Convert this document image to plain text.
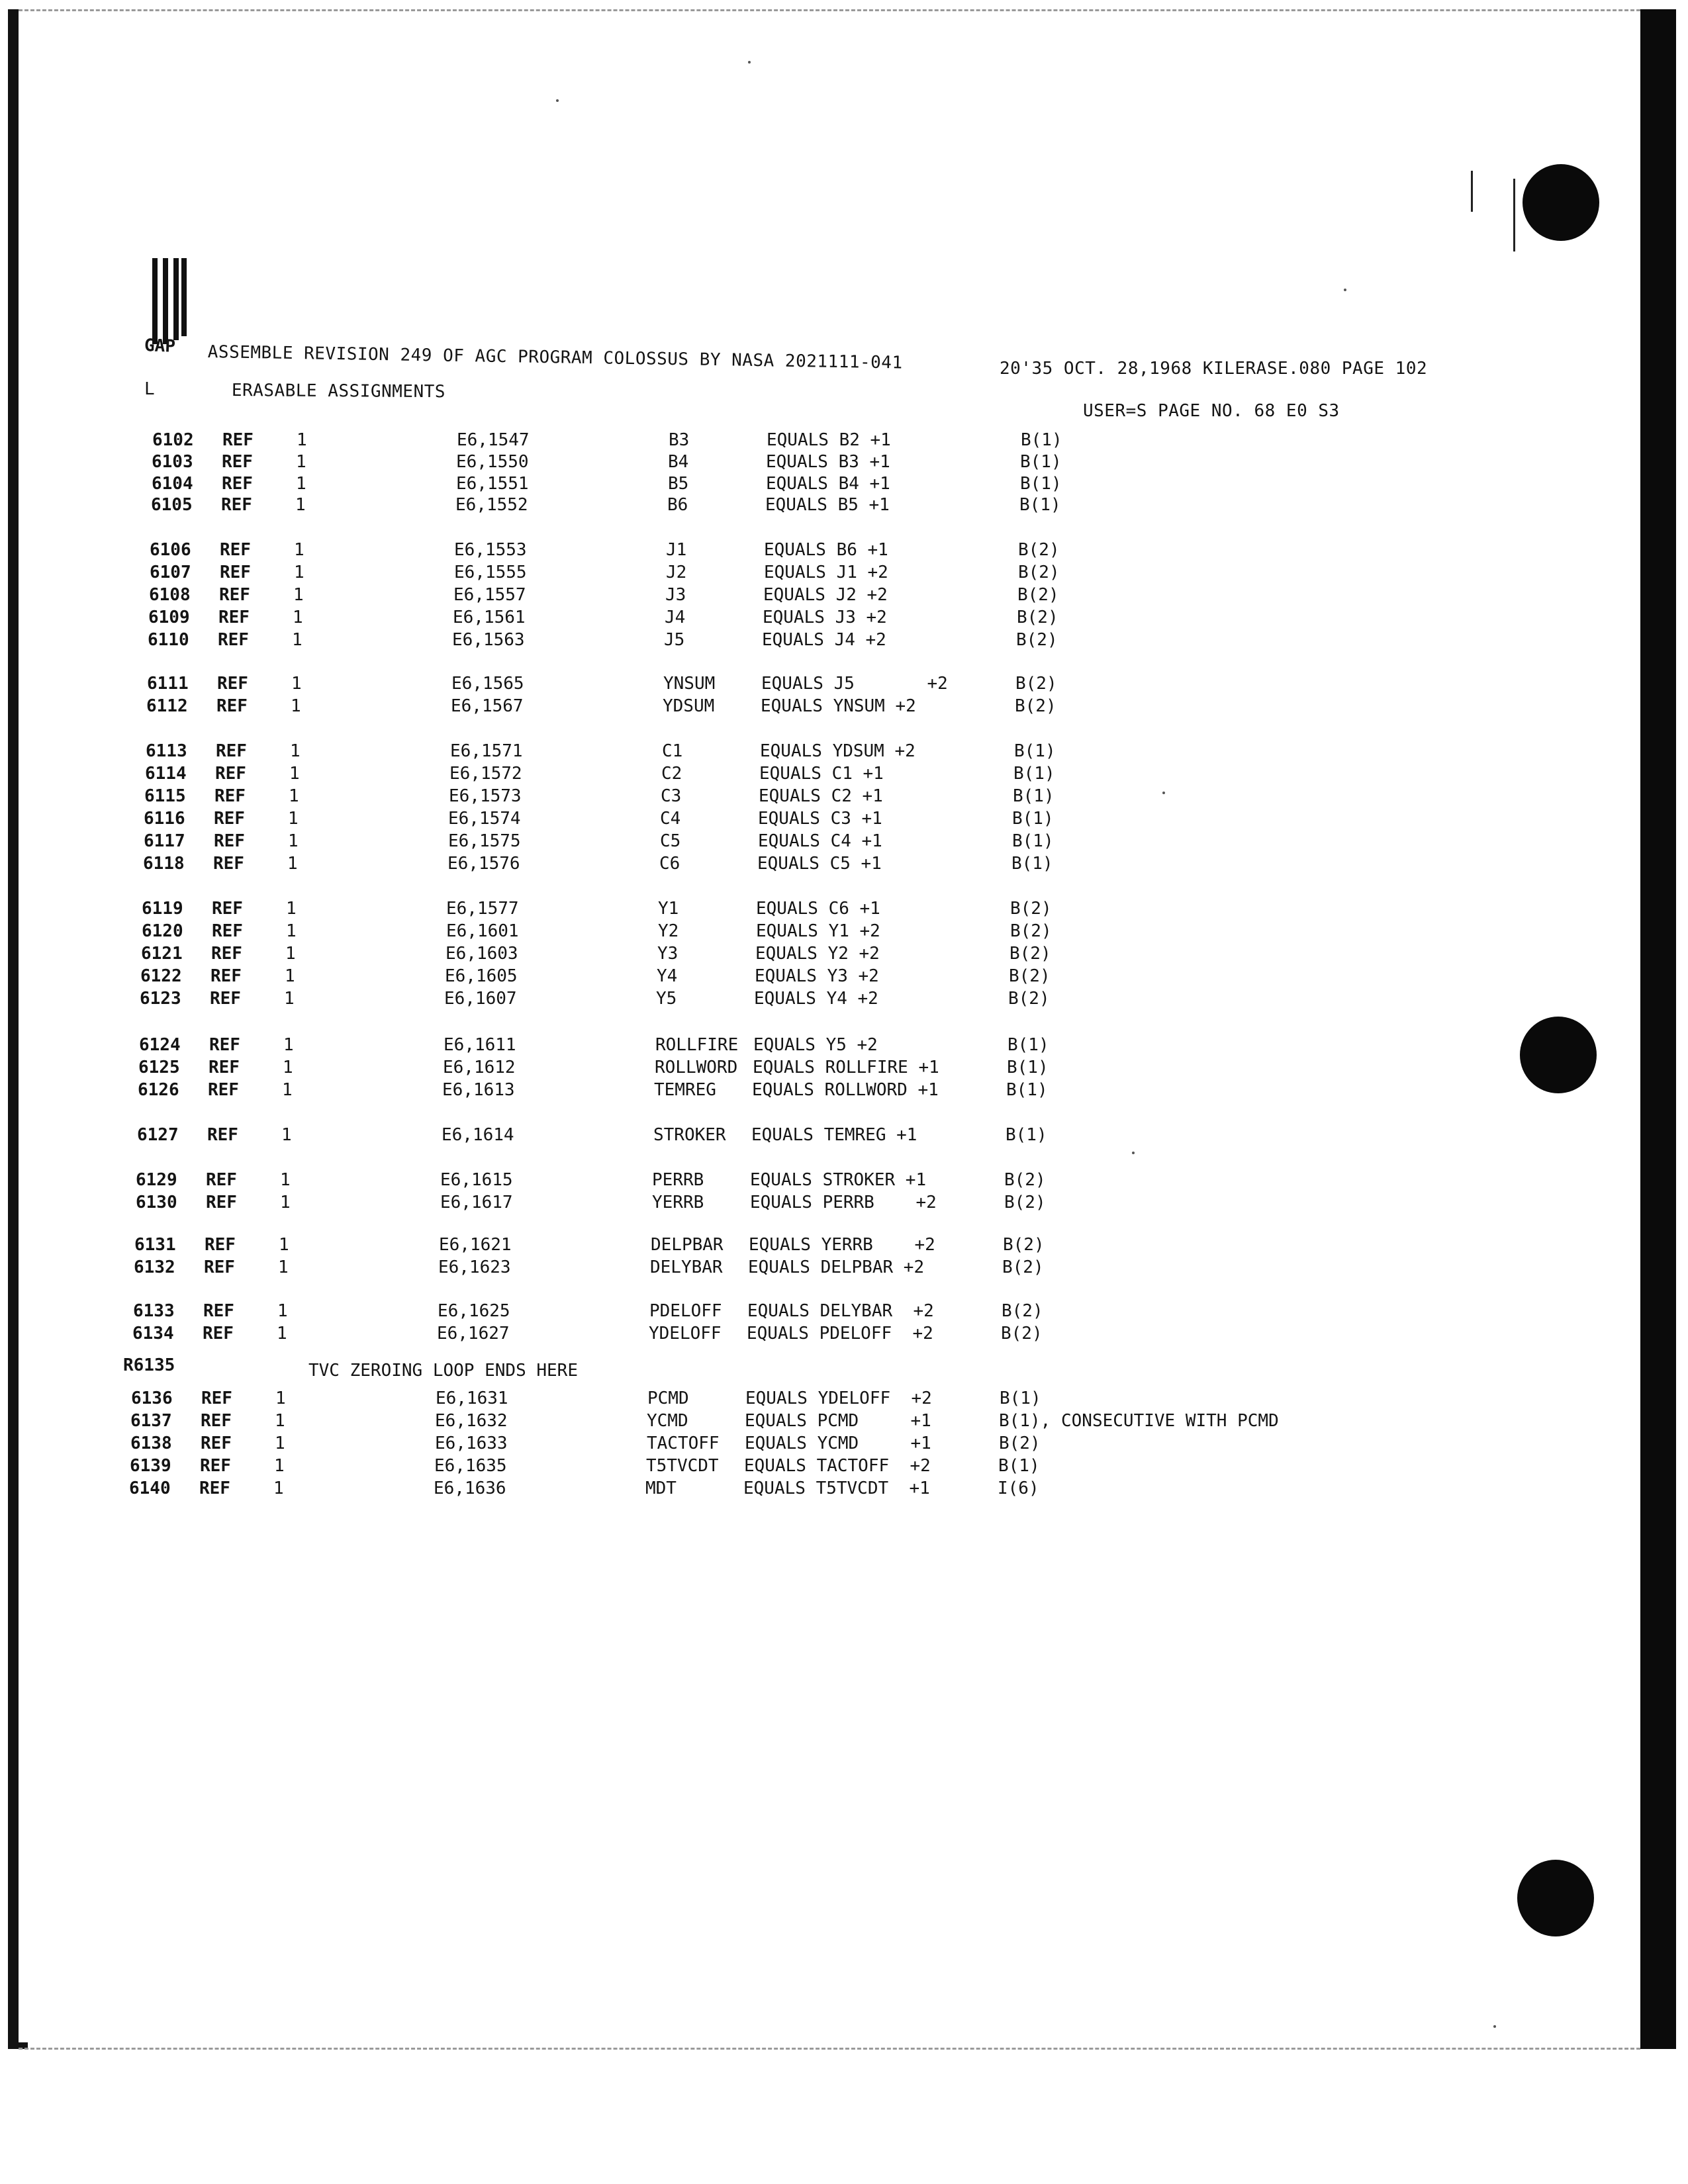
GAP ASSEMBLE REVISION 249 OF AGC PROGRAM COLOSSUS BY NASA 2021111-041	20'35 OCT. 28,1968 KILERASE.080 PAGE 102
L	ERASABLE ASSIGNMENTS
USER=S PAGE NO. 68 E0 S3
6102 REF	1	E6,1547	B3	EQUALS B2 +1	B(1)
6103 REF	1	E6,1550	B4	EQUALS B3 +1	B(1)
6104 REF	1	E6,1551	B5	EQUALS B4 +1	B(1)
6105 REF	1	E6,1552	B6	EQUALS B5 +1	B(1)
6106 REF	1	E6,1553	J1	EQUALS B6 +1	B(2)
6107 REF	1	E6,1555	J2	EQUALS J1 +2	B(2)
6108 REF	1	E6,1557	J3	EQUALS J2 +2	B(2)
6109 REF	1	E6,1561	J4	EQUALS J3 +2	B(2)
6110 REF	1	E6,1563	J5	EQUALS J4 +2	B(2)
6111 REF	1	E6,1565	YNSUM	EQUALS J5       +2	B(2)
6112 REF	1	E6,1567	YDSUM	EQUALS YNSUM +2	B(2)
6113 REF	1	E6,1571	C1	EQUALS YDSUM +2	B(1)
6114 REF	1	E6,1572	C2	EQUALS C1 +1	B(1)
6115 REF	1	E6,1573	C3	EQUALS C2 +1	B(1)
6116 REF	1	E6,1574	C4	EQUALS C3 +1	B(1)
6117 REF	1	E6,1575	C5	EQUALS C4 +1	B(1)
6118 REF	1	E6,1576	C6	EQUALS C5 +1	B(1)
6119 REF	1	E6,1577	Y1	EQUALS C6 +1	B(2)
6120 REF	1	E6,1601	Y2	EQUALS Y1 +2	B(2)
6121 REF	1	E6,1603	Y3	EQUALS Y2 +2	B(2)
6122 REF	1	E6,1605	Y4	EQUALS Y3 +2	B(2)
6123 REF	1	E6,1607	Y5	EQUALS Y4 +2	B(2)
6124 REF	1	E6,1611	ROLLFIRE EQUALS Y5 +2	B(1)
6125 REF	1	E6,1612	ROLLWORD EQUALS ROLLFIRE +1	B(1)
6126 REF	1	E6,1613	TEMREG EQUALS ROLLWORD +1	B(1)
6127 REF	1	E6,1614	STROKER EQUALS TEMREG +1	B(1)
6129 REF	1	E6,1615	PERRB	EQUALS STROKER +1	B(2)
6130 REF	1	E6,1617	YERRB	EQUALS PERRB    +2	B(2)
6131 REF	1	E6,1621	DELPBAR EQUALS YERRB    +2	B(2)
6132 REF	1	E6,1623	DELYBAR EQUALS DELPBAR +2	B(2)
6133 REF	1	E6,1625	PDELOFF EQUALS DELYBAR  +2	B(2)
6134 REF	1	E6,1627	YDELOFF EQUALS PDELOFF  +2	B(2)
6136 REF	1	E6,1631	PCMD	EQUALS YDELOFF  +2	B(1)
6137 REF	1	E6,1632	YCMD	EQUALS PCMD     +1	B(1), CONSECUTIVE WITH PCMD
6138 REF	1	E6,1633	TACTOFF EQUALS YCMD     +1	B(2)
6139 REF	1	E6,1635	T5TVCDT EQUALS TACTOFF  +2	B(1)
6140 REF	1	E6,1636	MDT	EQUALS T5TVCDT  +1	I(6)
R6135	TVC ZEROING LOOP ENDS HERE
